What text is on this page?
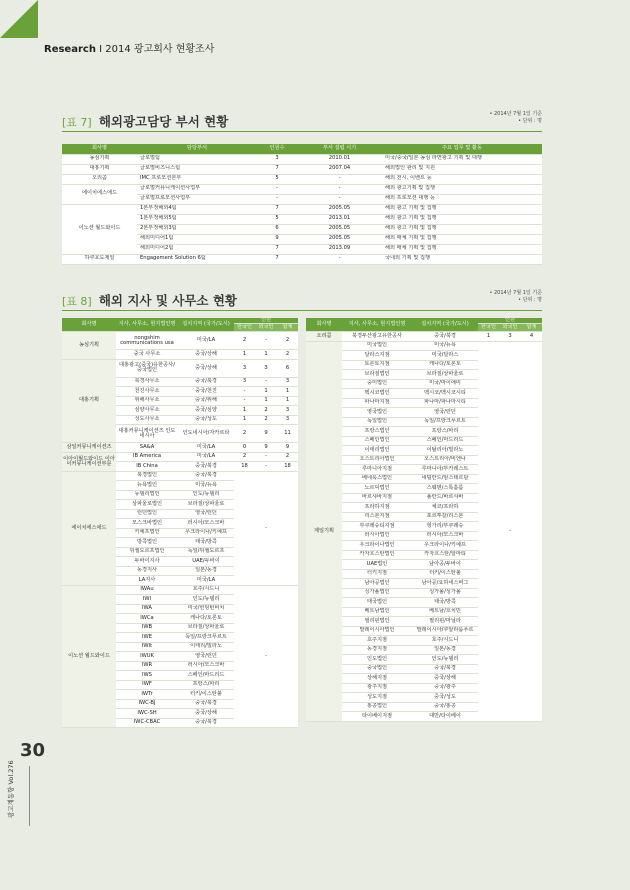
Research I 2014 광고회사 현황조사
[표 7] 해외광고담당 부서 현황	• 2014년 7월 1일 기준
• 단위 : 명
회사명	담당부서	인원수	부서 설립 시기	주요 업무 및 활동
농심기획	글로벌팀	3	2010.01	미국/중국/일본 농심 라면광고 기획 및 대행
대홍기획	글로벌비즈니스팀	7	2007.04	해외법인 관리 및 지원
오리콤	IMC 프로모션본부	5	-	해외 전시, 이벤트 등
에이치에스애드	글로벌커뮤니케이션사업부	-	-	해외 광고기획 및 집행
	글로벌프로모션사업부	-	-	해외 프로모션 대행 등
이노션 월드와이드	1본부정해외4팀	7	2005.05	해외 광고 기획 및 집행
	1본부정해외5팀	5	2013.01	해외 광고 기획 및 집행
	2본부정해외3팀	6	2005.05	해외 광고 기획 및 집행
	해외미디어1팀	9	2005.05	해외 매체 기획 및 집행
	해외미디어2팀	7	2013.09	해외 매체 기획 및 집행
하쿠호도제일	Engagement Solution 6팀	7	-	국내외 기획 및 집행
[표 8] 해외 지사 및 사무소 현황	• 2014년 7월 1일 기준
• 단위 : 명
회사명	지사, 사무소, 현지법인명	설치지역 (국가/도시)	인원		
			한국인	외국인	합계
농심기획	nongshim communications usa	미국/LA	2	-	2
	중국 사무소	중국/상해	1	1	2
대홍기획	대홍광고(중국)유한공사/중국법인	중국/상해	3	3	6
	북경사무소	중국/북경	3	-	3
	천진사무소	중국/천진	-	1	1
	위해사무소	중국/위해	-	1	1
	심양사무소	중국/심양	1	2	3
	성도사무소	중국/성도	1	2	3
	대홍커뮤니케이션즈 인도네시아	인도네시아/자카르타	2	9	11
삼일커뮤니케이션즈	SA&A	미국/LA	0	9	9
이아이월드와이드 이아이커뮤니케이션부문	IB America	미국/LA	2	-	2
	IB China	중국/북경	18	-	18
에이치에스애드	북경법인	중국/북경	-		
	뉴욕법인	미국/뉴욕			
	뉴델리법인	인도/뉴델리			
	상파울로법인	브라질/상파울로			
	런던법인	영국/런던			
	모스크바법인	러시아/모스크바			
	키예프법인	우크라이나/키예프			
	방콕법인	태국/방콕			
	뒤셀도르프법인	독일/뒤셀도르프			
	두바이지사	UAE/두바이			
	동경지사	일본/동경			
	LA지사	미국/LA			
이노션 월드와이드	IWAu	호주/시드니	-		
	IWI	인도/뉴델리			
	IWA	미국/헌팅턴비치			
	IWCa	캐나다/토론토			
	IWB	브라질/상파울로			
	IWE	독일/프랑크푸르트			
	IWIt	이태리/밀라노			
	IWUK	영국/런던			
	IWR	러시아/모스크바			
	IWS	스페인/마드리드			
	IWF	프랑스/파리			
	IWTr	터키/이스탄불			
	IWC-BJ	중국/북경			
	IWC-SH	중국/상해			
	IWC-CBAC	중국/북경			
회사명	지사, 사무소, 현지법인명	설치지역 (국가/도시)	인원		
			한국인	외국인	합계
오리콤	북경두산광고유한공사	중국/북경	1	3	4
제일기획	미국법인	미국/뉴욕	-		
	달라스지점	미국/달라스			
	토론토지점	캐나다/토론토			
	브라질법인	브라질/상파울로			
	중미법인	미국/마이애미			
	멕시코법인	멕시코/멕시코시티			
	파나마지점	파나마/파나마시티			
	영국법인	영국/런던			
	독일법인	독일/프랑크푸르트			
	프랑스법인	프랑스/파리			
	스페인법인	스페인/마드리드			
	이태리법인	이탈리아/밀라노			
	오스트리아법인	오스트리아/비엔나			
	루마니아지점	루마니아/부카레스트			
	베네룩스법인	네덜란드/암스테르담			
	노르딕법인	스웨덴/스톡홀름			
	바르샤바지점	폴란드/바르샤바			
	프라하지점	체코/프라하			
	리스본지점	포르투갈/리스본			
	부쿠레슈티지점	헝가리/부쿠레슈			
	러시아법인	러시아/모스크바			
	우크라이나법인	우크라이나/키예프			
	카자흐스탄법인	카자흐스탄/알마티			
	UAE법인	남아공/두바이			
	터키지점	터키/이스탄불			
	남아공법인	남아공/요하네스버그			
	싱가폴법인	싱가폴/싱가폴			
	태국법인	태국/방콕			
	베트남법인	베트남/호치민			
	필리핀법인	필리핀/마닐라			
	말레이시아법인	말레이시아/쿠알라룸푸르			
	호주지점	호주/시드니			
	동경지점	일본/동경			
	인도법인	인도/뉴델리			
	중국법인	중국/북경			
	상해지점	중국/상해			
	광주지점	중국/광주			
	성도지점	중국/성도			
	홍콩법인	중국/홍콩			
	타이베이지점	대만/타이베이			
30
광고계동향 Vol.276
